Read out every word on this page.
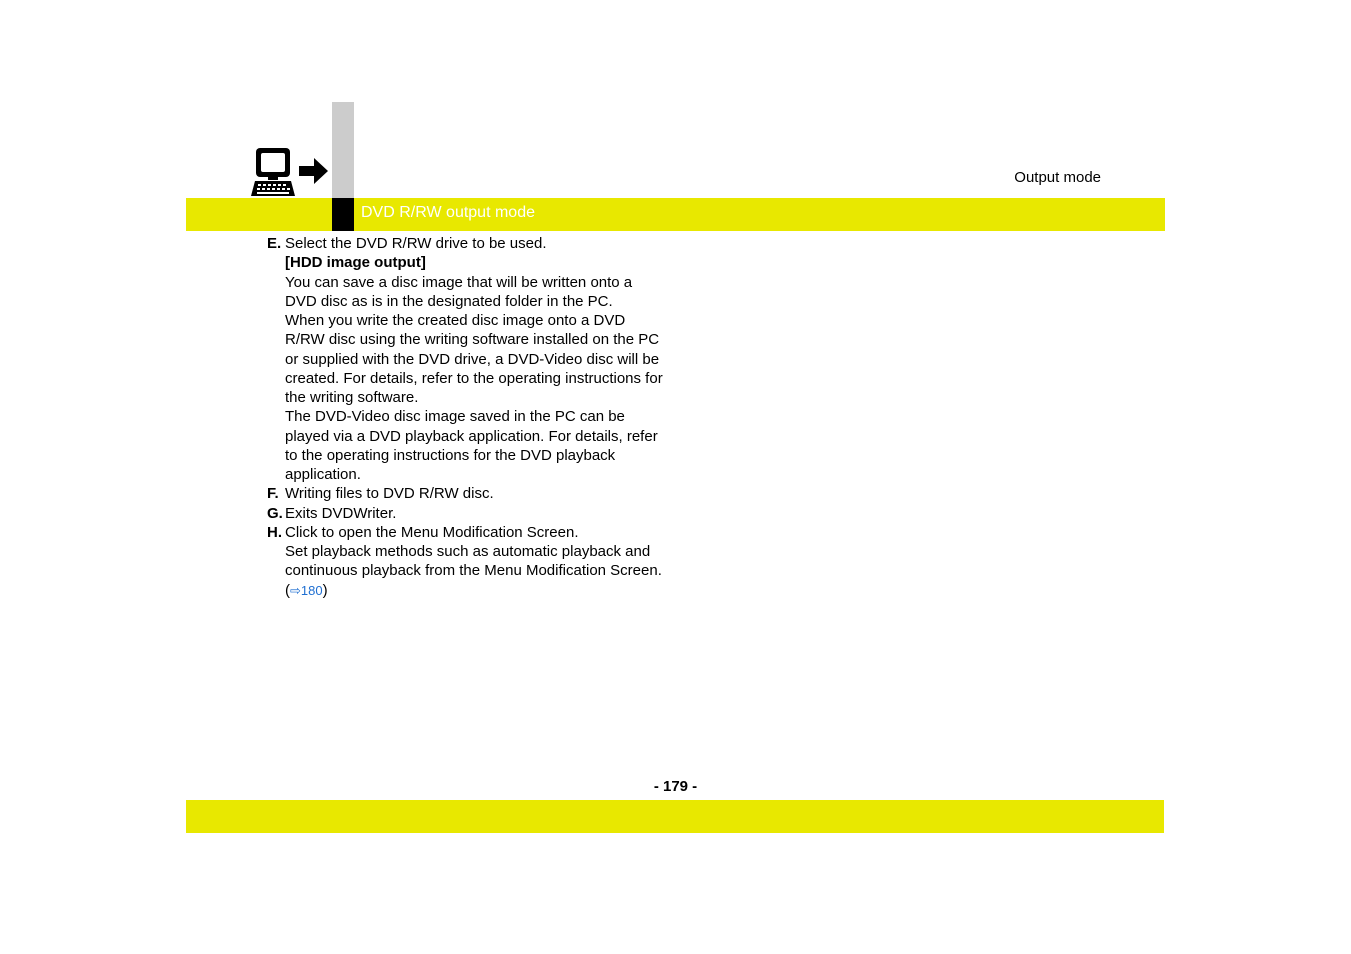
Output mode
DVD R/RW output mode
E. Select the DVD R/RW drive to be used.

[HDD image output]

You can save a disc image that will be written onto a DVD disc as is in the designated folder in the PC.

When you write the created disc image onto a DVD R/RW disc using the writing software installed on the PC or supplied with the DVD drive, a DVD-Video disc will be created. For details, refer to the operating instructions for the writing software.

The DVD-Video disc image saved in the PC can be played via a DVD playback application. For details, refer to the operating instructions for the DVD playback application.

F. Writing files to DVD R/RW disc.

G. Exits DVDWriter.

H. Click to open the Menu Modification Screen.

Set playback methods such as automatic playback and continuous playback from the Menu Modification Screen. (⇨180)

- 179 -
